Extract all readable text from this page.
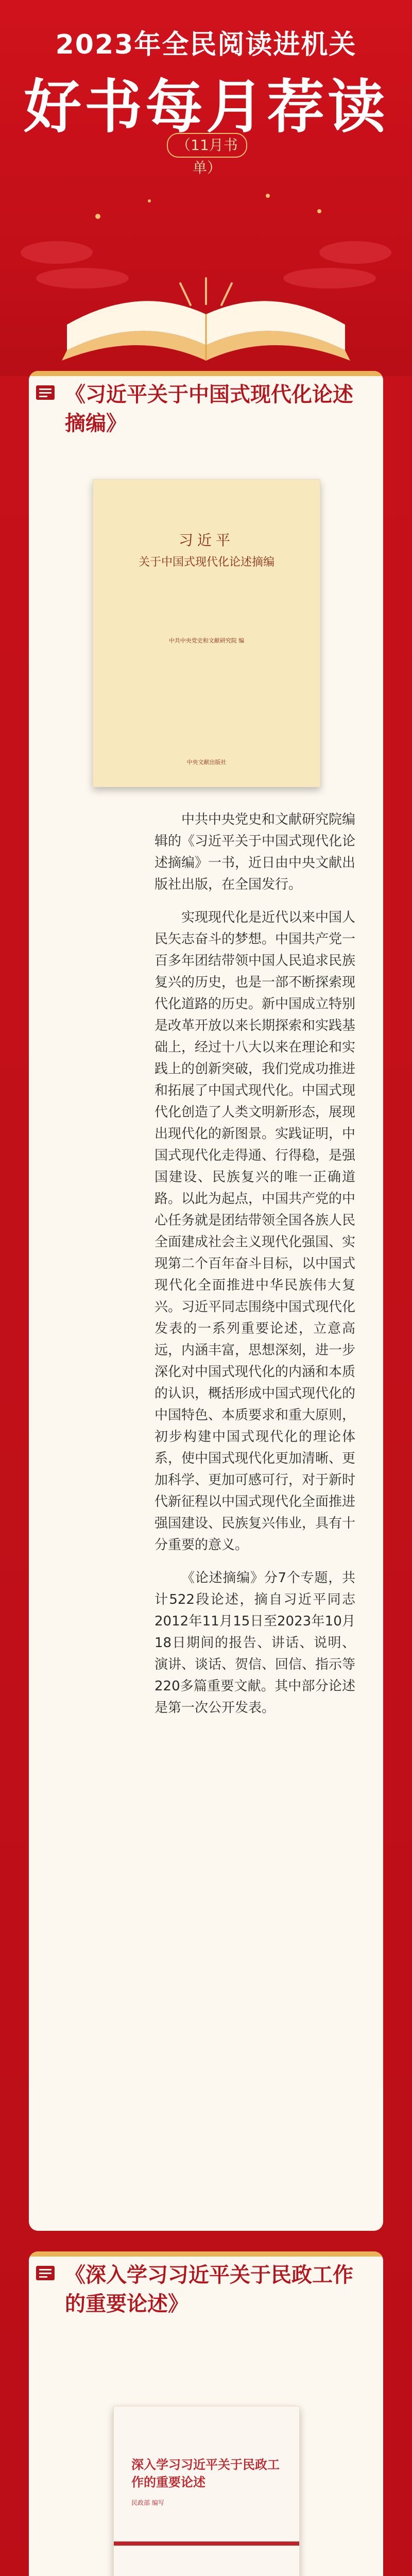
2023年全民阅读进机关
好书每月荐读
（11月书单）
《习近平关于中国式现代化论述摘编》
习近平
关于中国式现代化论述摘编
中共中央党史和文献研究院 编
中央文献出版社

中共中央党史和文献研究院编辑的《习近平关于中国式现代化论述摘编》一书，近日由中央文献出版社出版，在全国发行。

实现现代化是近代以来中国人民矢志奋斗的梦想。中国共产党一百多年团结带领中国人民追求民族复兴的历史，也是一部不断探索现代化道路的历史。新中国成立特别是改革开放以来长期探索和实践基础上，经过十八大以来在理论和实践上的创新突破，我们党成功推进和拓展了中国式现代化。中国式现代化创造了人类文明新形态，展现出现代化的新图景。实践证明，中国式现代化走得通、行得稳，是强国建设、民族复兴的唯一正确道路。以此为起点，中国共产党的中心任务就是团结带领全国各族人民全面建成社会主义现代化强国、实现第二个百年奋斗目标，以中国式现代化全面推进中华民族伟大复兴。习近平同志围绕中国式现代化发表的一系列重要论述，立意高远，内涵丰富，思想深刻，进一步深化对中国式现代化的内涵和本质的认识，概括形成中国式现代化的中国特色、本质要求和重大原则，初步构建中国式现代化的理论体系，使中国式现代化更加清晰、更加科学、更加可感可行，对于新时代新征程以中国式现代化全面推进强国建设、民族复兴伟业，具有十分重要的意义。

《论述摘编》分7个专题，共计522段论述，摘自习近平同志2012年11月15日至2023年10月18日期间的报告、讲话、说明、演讲、谈话、贺信、回信、指示等220多篇重要文献。其中部分论述是第一次公开发表。

《深入学习习近平关于民政工作的重要论述》
深入学习习近平关于民政工作的重要论述
民政部 编写
